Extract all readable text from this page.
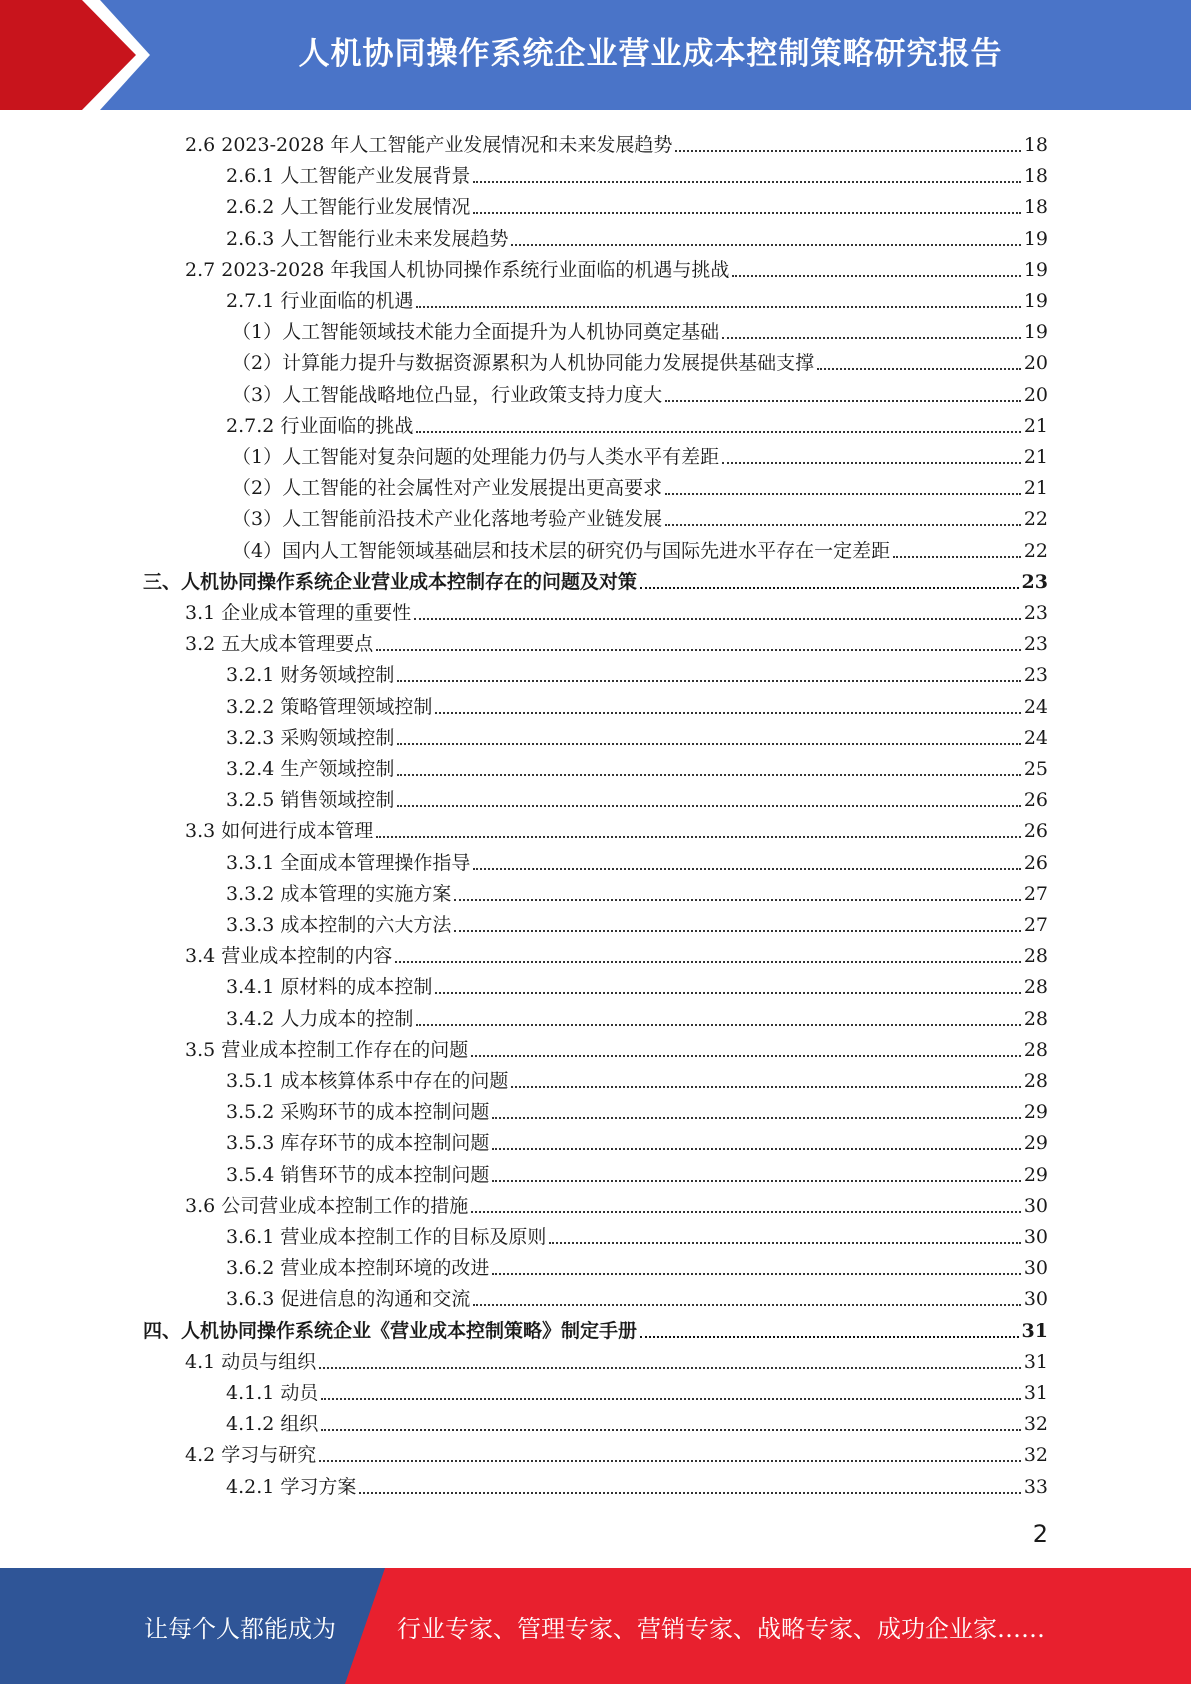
人机协同操作系统企业营业成本控制策略研究报告
2.6 2023-2028 年人工智能产业发展情况和未来发展趋势	18
2.6.1 人工智能产业发展背景	18
2.6.2 人工智能行业发展情况	18
2.6.3 人工智能行业未来发展趋势	19
2.7 2023-2028 年我国人机协同操作系统行业面临的机遇与挑战	19
2.7.1 行业面临的机遇	19
（1）人工智能领域技术能力全面提升为人机协同奠定基础	19
（2）计算能力提升与数据资源累积为人机协同能力发展提供基础支撑	20
（3）人工智能战略地位凸显，行业政策支持力度大	20
2.7.2 行业面临的挑战	21
（1）人工智能对复杂问题的处理能力仍与人类水平有差距	21
（2）人工智能的社会属性对产业发展提出更高要求	21
（3）人工智能前沿技术产业化落地考验产业链发展	22
（4）国内人工智能领域基础层和技术层的研究仍与国际先进水平存在一定差距	22
三、人机协同操作系统企业营业成本控制存在的问题及对策	23
3.1 企业成本管理的重要性	23
3.2 五大成本管理要点	23
3.2.1 财务领域控制	23
3.2.2 策略管理领域控制	24
3.2.3 采购领域控制	24
3.2.4 生产领域控制	25
3.2.5 销售领域控制	26
3.3 如何进行成本管理	26
3.3.1 全面成本管理操作指导	26
3.3.2 成本管理的实施方案	27
3.3.3 成本控制的六大方法	27
3.4 营业成本控制的内容	28
3.4.1 原材料的成本控制	28
3.4.2 人力成本的控制	28
3.5 营业成本控制工作存在的问题	28
3.5.1 成本核算体系中存在的问题	28
3.5.2 采购环节的成本控制问题	29
3.5.3 库存环节的成本控制问题	29
3.5.4 销售环节的成本控制问题	29
3.6 公司营业成本控制工作的措施	30
3.6.1 营业成本控制工作的目标及原则	30
3.6.2 营业成本控制环境的改进	30
3.6.3 促进信息的沟通和交流	30
四、人机协同操作系统企业《营业成本控制策略》制定手册	31
4.1 动员与组织	31
4.1.1 动员	31
4.1.2 组织	32
4.2 学习与研究	32
4.2.1 学习方案	33
2
让每个人都能成为	行业专家、管理专家、营销专家、战略专家、成功企业家……
